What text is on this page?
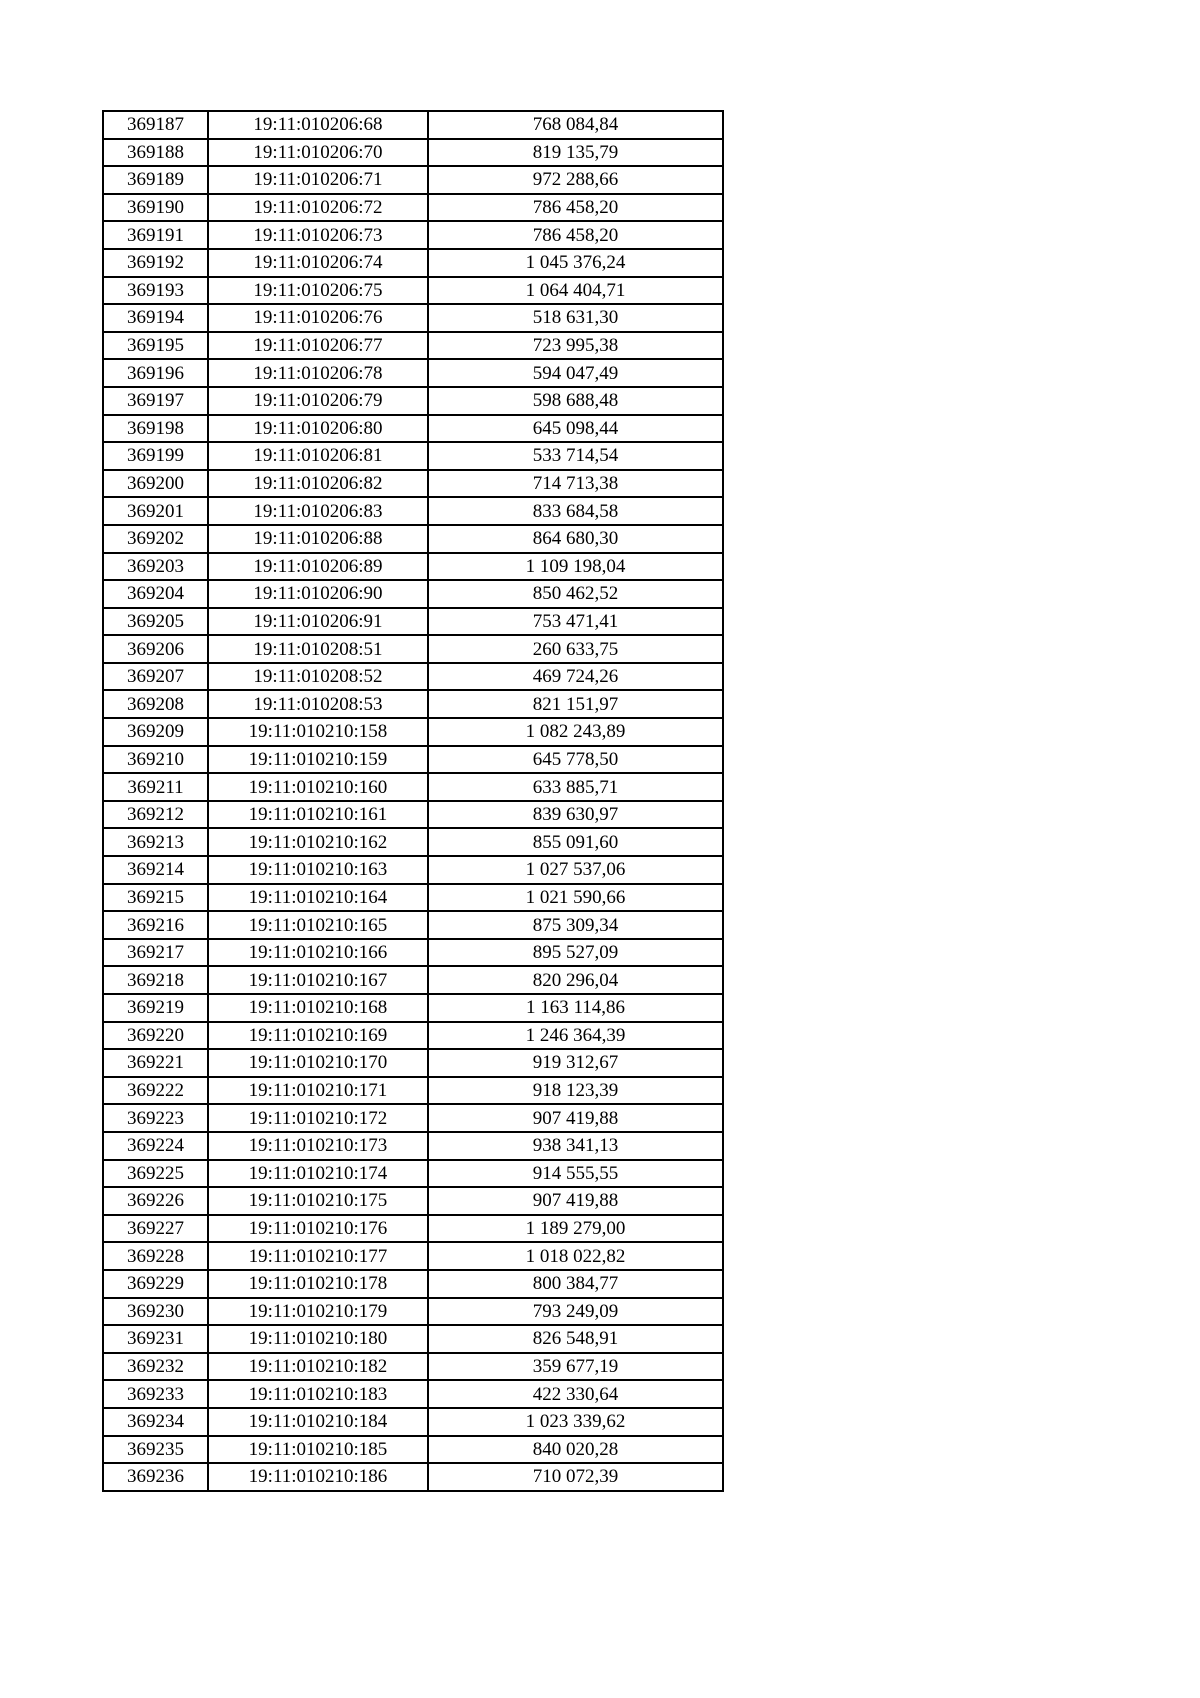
369187	19:11:010206:68	768 084,84
369188	19:11:010206:70	819 135,79
369189	19:11:010206:71	972 288,66
369190	19:11:010206:72	786 458,20
369191	19:11:010206:73	786 458,20
369192	19:11:010206:74	1 045 376,24
369193	19:11:010206:75	1 064 404,71
369194	19:11:010206:76	518 631,30
369195	19:11:010206:77	723 995,38
369196	19:11:010206:78	594 047,49
369197	19:11:010206:79	598 688,48
369198	19:11:010206:80	645 098,44
369199	19:11:010206:81	533 714,54
369200	19:11:010206:82	714 713,38
369201	19:11:010206:83	833 684,58
369202	19:11:010206:88	864 680,30
369203	19:11:010206:89	1 109 198,04
369204	19:11:010206:90	850 462,52
369205	19:11:010206:91	753 471,41
369206	19:11:010208:51	260 633,75
369207	19:11:010208:52	469 724,26
369208	19:11:010208:53	821 151,97
369209	19:11:010210:158	1 082 243,89
369210	19:11:010210:159	645 778,50
369211	19:11:010210:160	633 885,71
369212	19:11:010210:161	839 630,97
369213	19:11:010210:162	855 091,60
369214	19:11:010210:163	1 027 537,06
369215	19:11:010210:164	1 021 590,66
369216	19:11:010210:165	875 309,34
369217	19:11:010210:166	895 527,09
369218	19:11:010210:167	820 296,04
369219	19:11:010210:168	1 163 114,86
369220	19:11:010210:169	1 246 364,39
369221	19:11:010210:170	919 312,67
369222	19:11:010210:171	918 123,39
369223	19:11:010210:172	907 419,88
369224	19:11:010210:173	938 341,13
369225	19:11:010210:174	914 555,55
369226	19:11:010210:175	907 419,88
369227	19:11:010210:176	1 189 279,00
369228	19:11:010210:177	1 018 022,82
369229	19:11:010210:178	800 384,77
369230	19:11:010210:179	793 249,09
369231	19:11:010210:180	826 548,91
369232	19:11:010210:182	359 677,19
369233	19:11:010210:183	422 330,64
369234	19:11:010210:184	1 023 339,62
369235	19:11:010210:185	840 020,28
369236	19:11:010210:186	710 072,39
